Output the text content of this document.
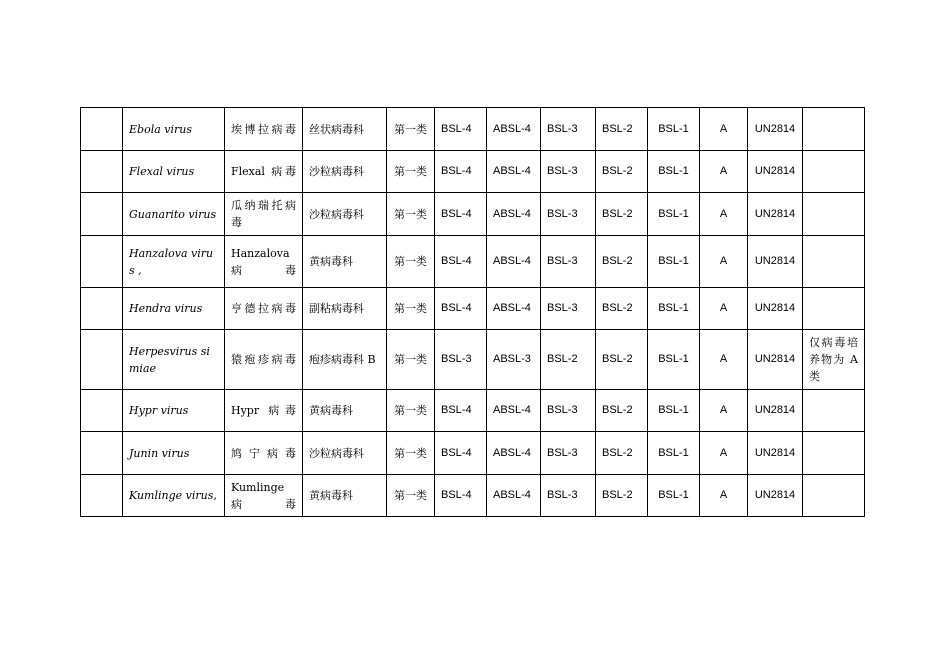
	Ebola virus	埃博拉病毒	丝状病毒科	第一类	BSL-4	ABSL-4	BSL-3	BSL-2	BSL-1	A	UN2814	
	Flexal virus	Flexal 病毒	沙粒病毒科	第一类	BSL-4	ABSL-4	BSL-3	BSL-2	BSL-1	A	UN2814	
	Guanarito virus	瓜纳瑞托病毒	沙粒病毒科	第一类	BSL-4	ABSL-4	BSL-3	BSL-2	BSL-1	A	UN2814	
	Hanzalova virus ,	Hanzalova 病毒	黄病毒科	第一类	BSL-4	ABSL-4	BSL-3	BSL-2	BSL-1	A	UN2814	
	Hendra virus	亨德拉病毒	副粘病毒科	第一类	BSL-4	ABSL-4	BSL-3	BSL-2	BSL-1	A	UN2814	
	Herpesvirus simiae	猿疱疹病毒	疱疹病毒科 B	第一类	BSL-3	ABSL-3	BSL-2	BSL-2	BSL-1	A	UN2814	仅病毒培养物为 A 类
	Hypr virus	Hypr 病毒	黄病毒科	第一类	BSL-4	ABSL-4	BSL-3	BSL-2	BSL-1	A	UN2814	
	Junin virus	鸠宁病毒	沙粒病毒科	第一类	BSL-4	ABSL-4	BSL-3	BSL-2	BSL-1	A	UN2814	
	Kumlinge virus,	Kumlinge 病毒	黄病毒科	第一类	BSL-4	ABSL-4	BSL-3	BSL-2	BSL-1	A	UN2814	
